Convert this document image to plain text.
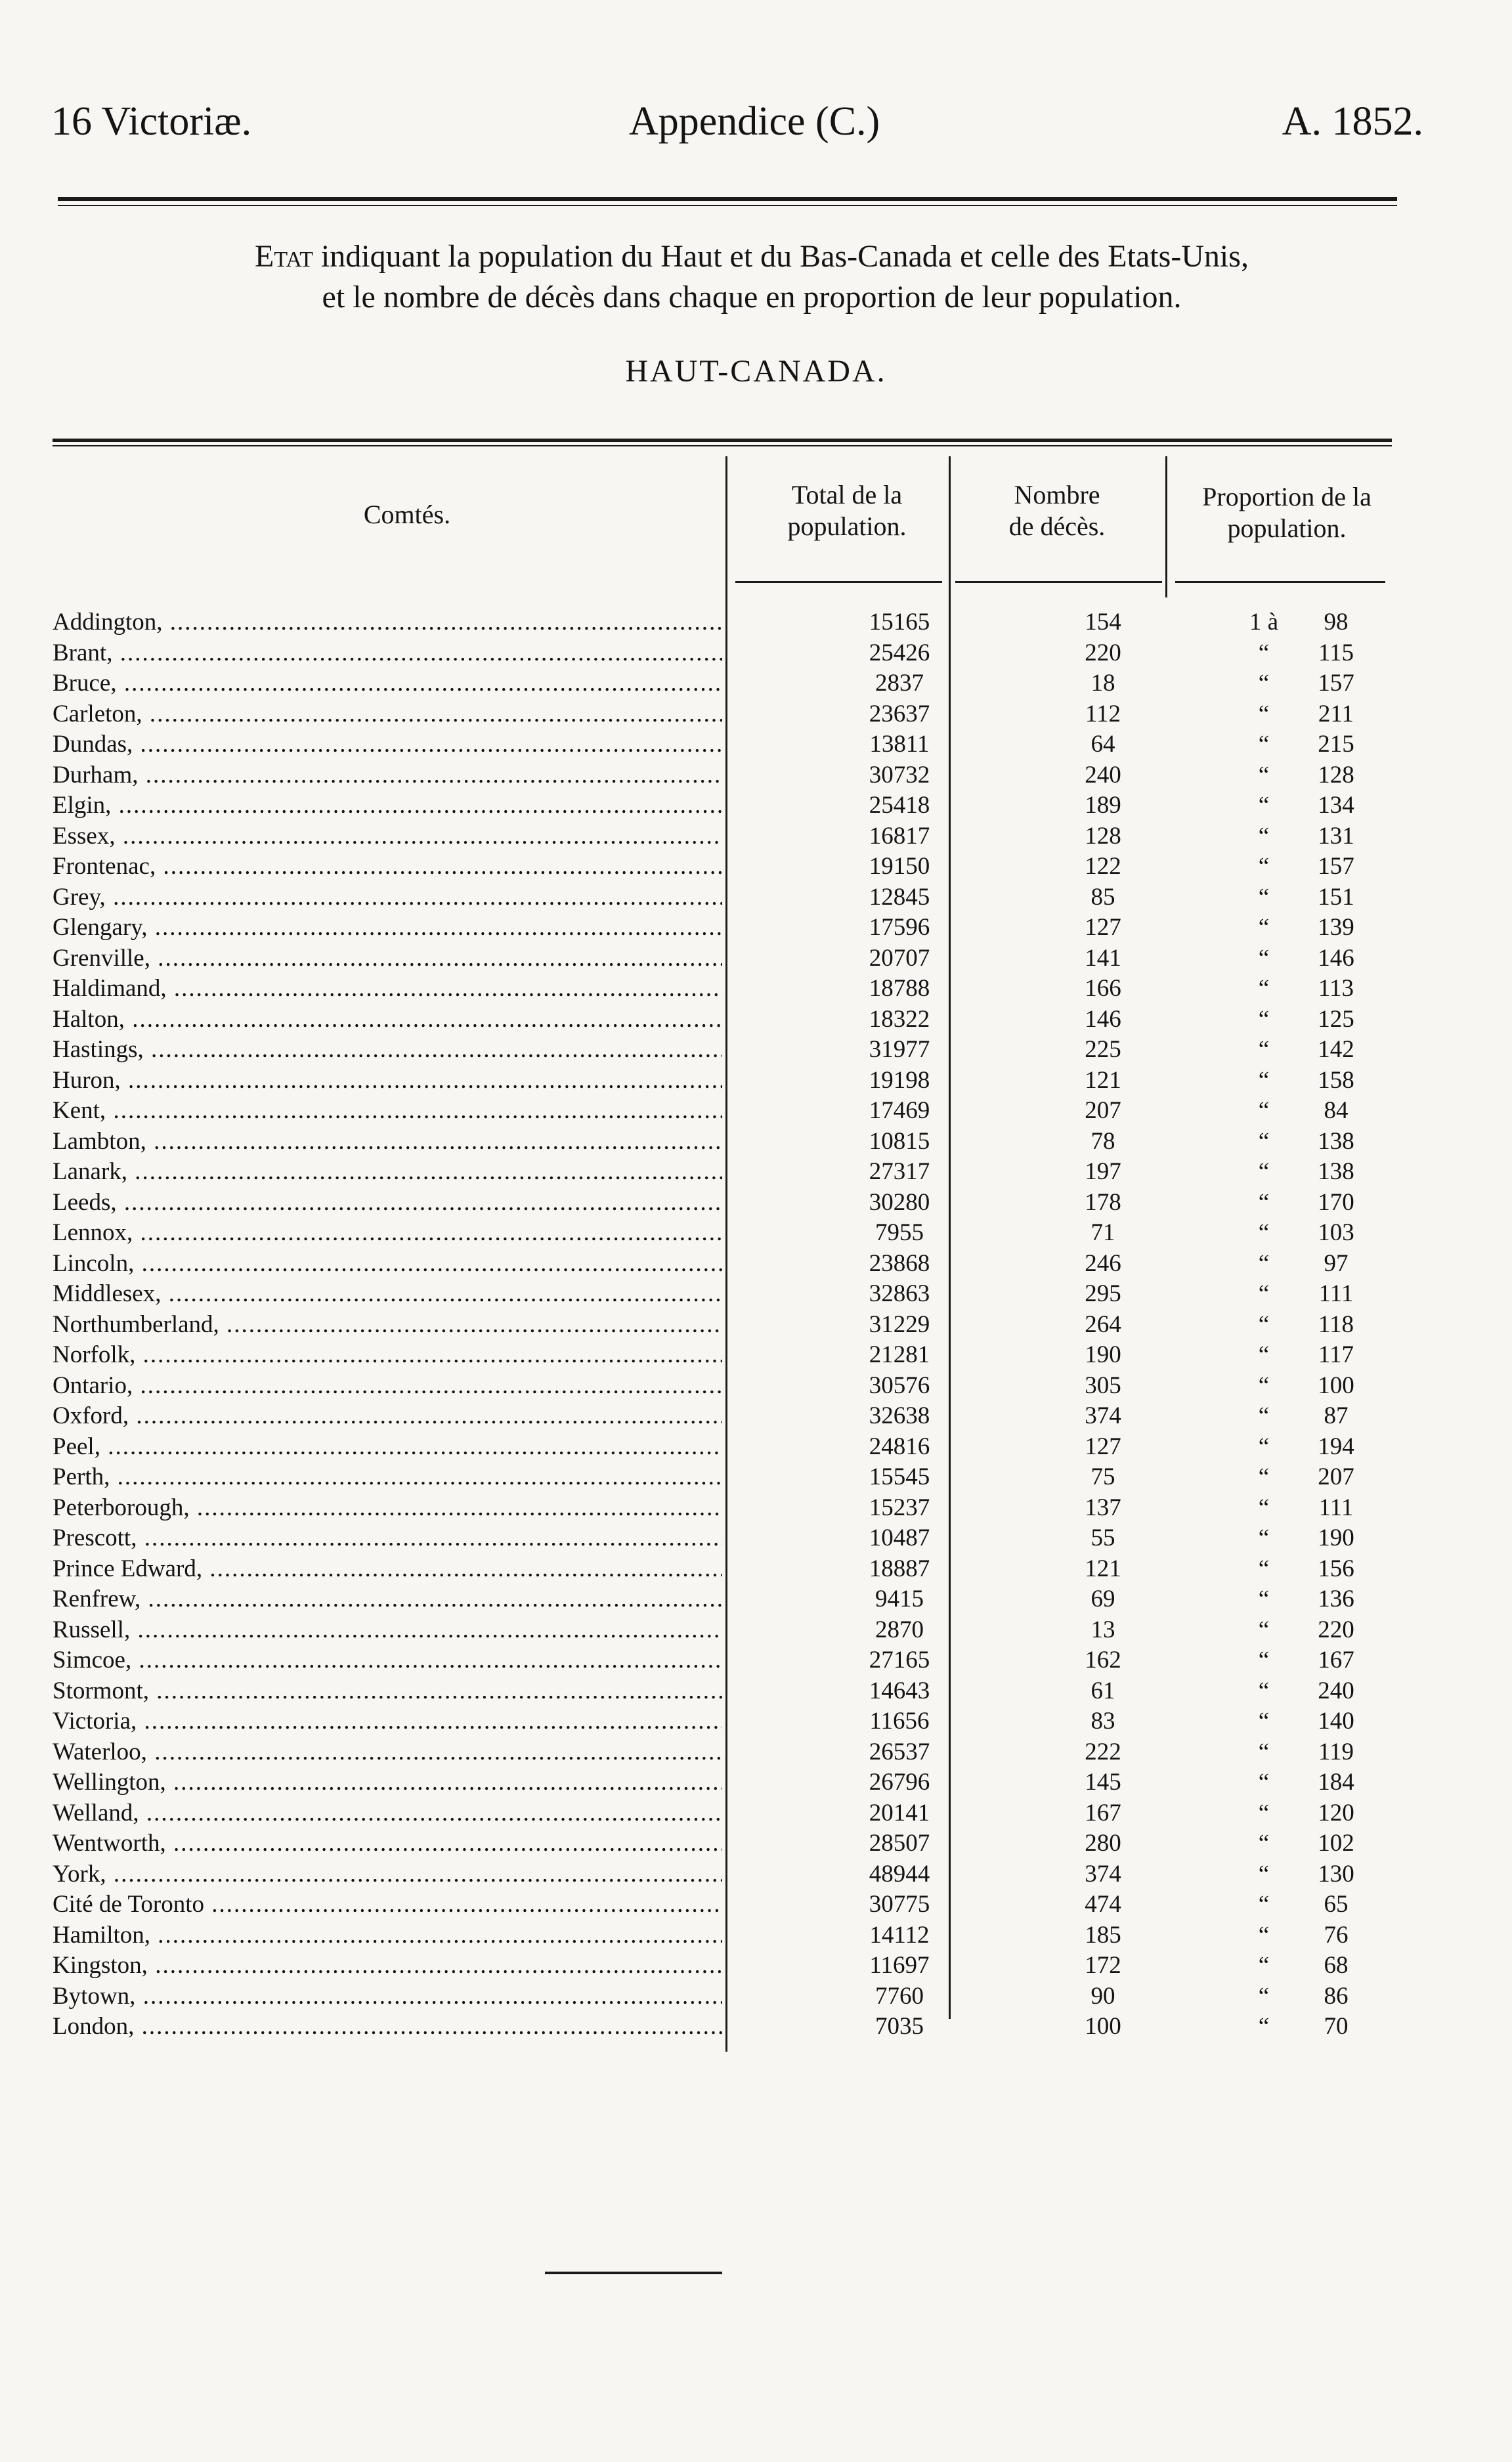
16 Victoriæ.	Appendice (C.)	A. 1852.
Etat indiquant la population du Haut et du Bas-Canada et celle des Etats-Unis,
et le nombre de décès dans chaque en proportion de leur population.
HAUT-CANADA.
Comtés.
Total de la
population.
Nombre
de décès.
Proportion de la
population.
Addington, .....	15165	154	1 à 98
Brant, .....	25426	220	“ 115
Bruce, .....	2837	18	“ 157
Carleton, .....	23637	112	“ 211
Dundas, .....	13811	64	“ 215
Durham, .....	30732	240	“ 128
Elgin, .....	25418	189	“ 134
Essex, .....	16817	128	“ 131
Frontenac, .....	19150	122	“ 157
Grey, .....	12845	85	“ 151
Glengary, .....	17596	127	“ 139
Grenville, .....	20707	141	“ 146
Haldimand, .....	18788	166	“ 113
Halton, .....	18322	146	“ 125
Hastings, .....	31977	225	“ 142
Huron, .....	19198	121	“ 158
Kent, .....	17469	207	“ 84
Lambton, .....	10815	78	“ 138
Lanark, .....	27317	197	“ 138
Leeds, .....	30280	178	“ 170
Lennox, .....	7955	71	“ 103
Lincoln, .....	23868	246	“ 97
Middlesex, .....	32863	295	“ 111
Northumberland, .....	31229	264	“ 118
Norfolk, .....	21281	190	“ 117
Ontario, .....	30576	305	“ 100
Oxford, .....	32638	374	“ 87
Peel, .....	24816	127	“ 194
Perth, .....	15545	75	“ 207
Peterborough, .....	15237	137	“ 111
Prescott, .....	10487	55	“ 190
Prince Edward, .....	18887	121	“ 156
Renfrew, .....	9415	69	“ 136
Russell, .....	2870	13	“ 220
Simcoe, .....	27165	162	“ 167
Stormont, .....	14643	61	“ 240
Victoria, .....	11656	83	“ 140
Waterloo, .....	26537	222	“ 119
Wellington, .....	26796	145	“ 184
Welland, .....	20141	167	“ 120
Wentworth, .....	28507	280	“ 102
York, .....	48944	374	“ 130
Cité de Toronto .....	30775	474	“ 65
Hamilton, .....	14112	185	“ 76
Kingston, .....	11697	172	“ 68
Bytown, .....	7760	90	“ 86
London, .....	7035	100	“ 70
